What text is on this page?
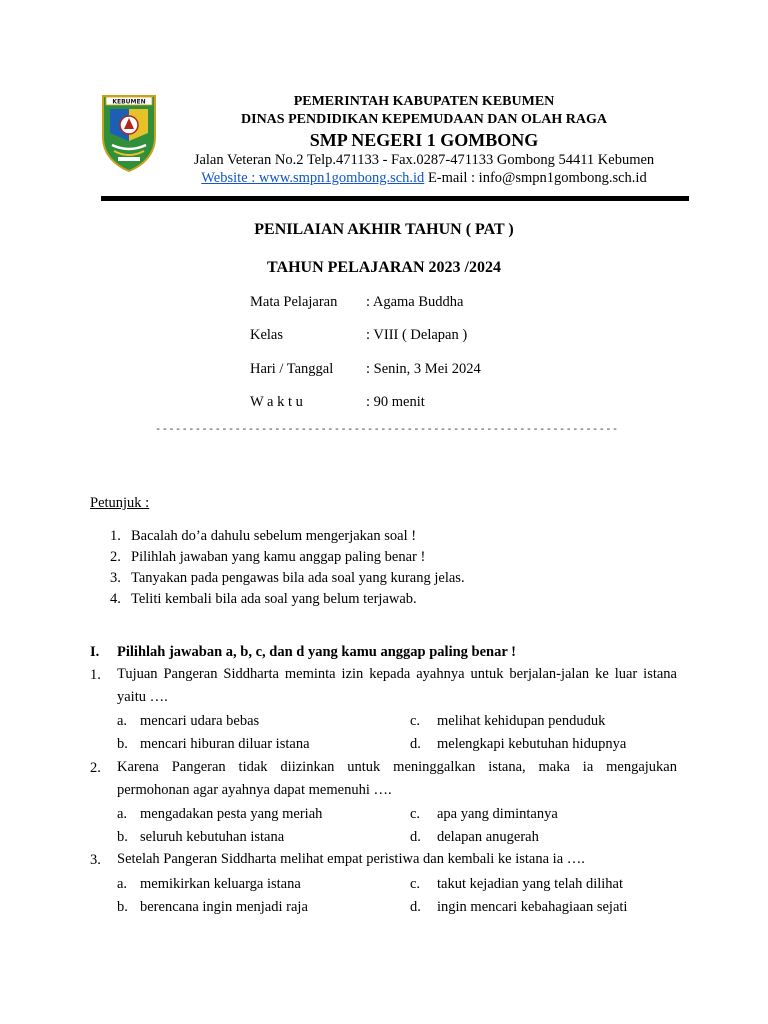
KEBUMEN	PEMERINTAH KABUPATEN KEBUMEN
DINAS PENDIDIKAN KEPEMUDAAN DAN OLAH RAGA
SMP NEGERI 1 GOMBONG
Jalan Veteran No.2 Telp.471133 - Fax.0287-471133 Gombong 54411 Kebumen
Website : www.smpn1gombong.sch.id E-mail : info@smpn1gombong.sch.id
PENILAIAN AKHIR TAHUN ( PAT )
TAHUN PELAJARAN 2023 /2024
Mata Pelajaran : Agama Buddha
Kelas	: VIII ( Delapan )
Hari / Tanggal : Senin, 3 Mei 2024
W a k t u	: 90 menit
----------------------------------------------------------------------
Petunjuk :
1. Bacalah do’a dahulu sebelum mengerjakan soal !
2. Pilihlah jawaban yang kamu anggap paling benar !
3. Tanyakan pada pengawas bila ada soal yang kurang jelas.
4. Teliti kembali bila ada soal yang belum terjawab.
I. Pilihlah jawaban a, b, c, dan d yang kamu anggap paling benar !
1. Tujuan Pangeran Siddharta meminta izin kepada ayahnya untuk berjalan-jalan ke luar istana
yaitu ….
a. mencari udara bebas	c. melihat kehidupan penduduk
b. mencari hiburan diluar istana	d. melengkapi kebutuhan hidupnya
2. Karena Pangeran tidak diizinkan untuk meninggalkan istana, maka ia mengajukan
permohonan agar ayahnya dapat memenuhi ….
a. mengadakan pesta yang meriah	c. apa yang dimintanya
b. seluruh kebutuhan istana	d. delapan anugerah
3. Setelah Pangeran Siddharta melihat empat peristiwa dan kembali ke istana ia ….
a. memikirkan keluarga istana	c. takut kejadian yang telah dilihat
b. berencana ingin menjadi raja	d. ingin mencari kebahagiaan sejati
